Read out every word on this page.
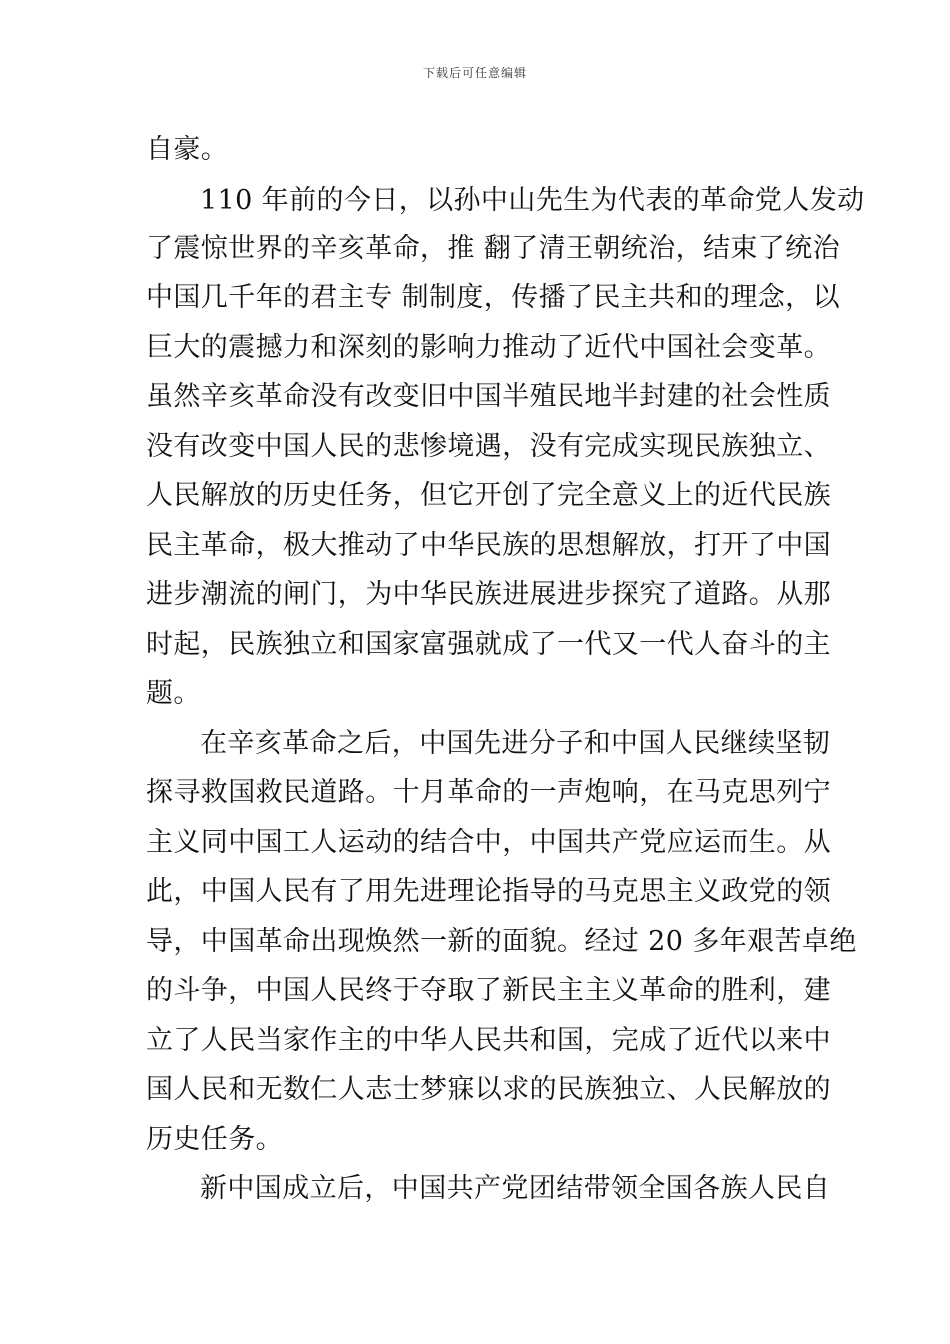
下载后可任意编辑
自豪。
110 年前的今日，以孙中山先生为代表的革命党人发动
了震惊世界的辛亥革命，推 翻了清王朝统治，结束了统治
中国几千年的君主专 制制度，传播了民主共和的理念，以
巨大的震撼力和深刻的影响力推动了近代中国社会变革。
虽然辛亥革命没有改变旧中国半殖民地半封建的社会性质
没有改变中国人民的悲惨境遇，没有完成实现民族独立、
人民解放的历史任务，但它开创了完全意义上的近代民族
民主革命，极大推动了中华民族的思想解放，打开了中国
进步潮流的闸门，为中华民族进展进步探究了道路。从那
时起，民族独立和国家富强就成了一代又一代人奋斗的主
题。
在辛亥革命之后，中国先进分子和中国人民继续坚韧
探寻救国救民道路。十月革命的一声炮响，在马克思列宁
主义同中国工人运动的结合中，中国共产党应运而生。从
此，中国人民有了用先进理论指导的马克思主义政党的领
导，中国革命出现焕然一新的面貌。经过 20 多年艰苦卓绝
的斗争，中国人民终于夺取了新民主主义革命的胜利，建
立了人民当家作主的中华人民共和国，完成了近代以来中
国人民和无数仁人志士梦寐以求的民族独立、人民解放的
历史任务。
新中国成立后，中国共产党团结带领全国各族人民自
